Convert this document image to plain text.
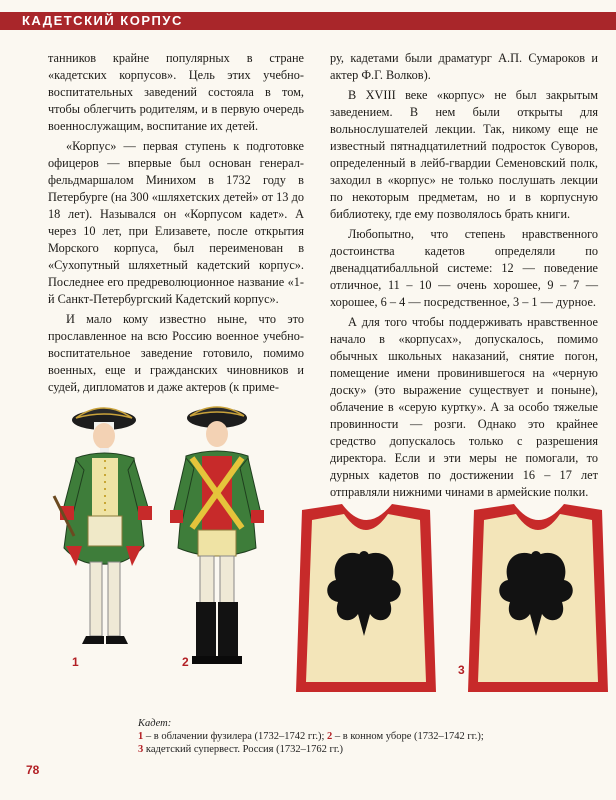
КАДЕТСКИЙ КОРПУС

танников крайне популярных в стране «кадетских корпусов». Цель этих учебно-воспитательных заведений состояла в том, чтобы облегчить родителям, и в первую очередь военнослужащим, воспитание их детей.

«Корпус» — первая ступень к подготовке офицеров — впервые был основан генерал-фельдмаршалом Минихом в 1732 году в Петербурге (на 300 «шляхетских детей» от 13 до 18 лет). Назывался он «Корпусом кадет». А через 10 лет, при Елизавете, после открытия Морского корпуса, был переименован в «Сухопутный шляхетный кадетский корпус». Последнее его предреволюционное название «1-й Санкт-Петербургский Кадетский корпус».

И мало кому известно ныне, что это прославленное на всю Россию военное учебно-воспитательное заведение готовило, помимо военных, еще и гражданских чиновников и судей, дипломатов и даже актеров (к приме-

ру, кадетами были драматург А.П. Сумароков и актер Ф.Г. Волков).

В XVIII веке «корпус» не был закрытым заведением. В нем были открыты для вольнослушателей лекции. Так, никому еще не известный пятнадцатилетний подросток Суворов, определенный в лейб-гвардии Семеновский полк, заходил в «корпус» не только послушать лекции по некоторым предметам, но и в корпусную библиотеку, где ему позволялось брать книги.

Любопытно, что степень нравственного достоинства кадетов определяли по двенадцатибалльной системе: 12 — поведение отличное, 11 – 10 — очень хорошее, 9 – 7 — хорошее, 6 – 4 — посредственное, 3 – 1 — дурное.

А для того чтобы поддерживать нравственное начало в «корпусах», допускалось, помимо обычных школьных наказаний, снятие погон, помещение имени провинившегося на «черную доску» (это выражение существует и поныне), облачение в «серую куртку». А за особо тяжелые провинности — розги. Однако это крайнее средство допускалось только с разрешения директора. Если и эти меры не помогали, то дурных кадетов по достижении 16 – 17 лет отправляли нижними чинами в армейские полки.

1	2
3
Кадет:
1 – в облачении фузилера (1732–1742 гг.); 2 – в конном уборе (1732–1742 гг.);
3 кадетский супервест. Россия (1732–1762 гг.)
78
